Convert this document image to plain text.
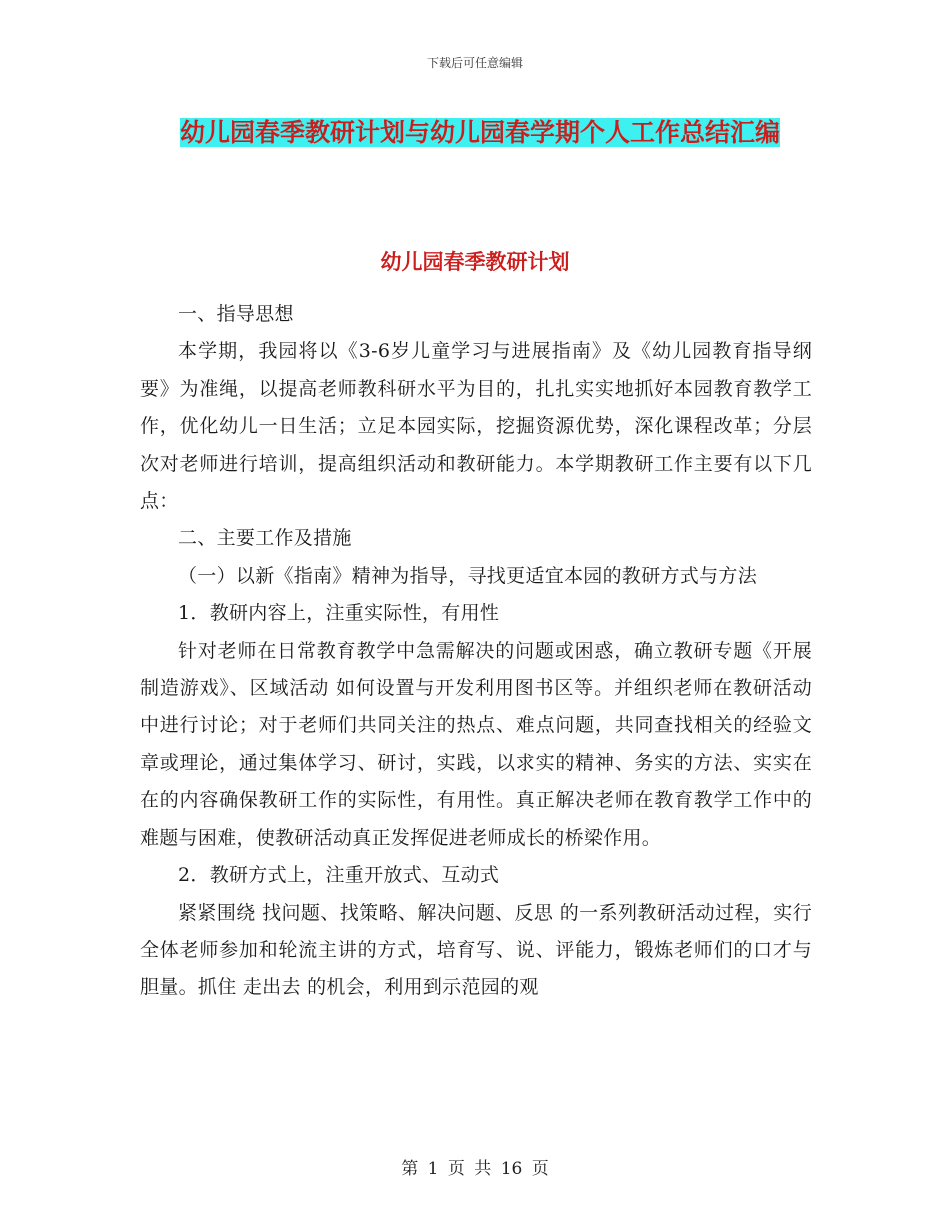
下载后可任意编辑
幼儿园春季教研计划与幼儿园春学期个人工作总结汇编
幼儿园春季教研计划

一、指导思想

本学期，我园将以《3-6岁儿童学习与进展指南》及《幼儿园教育指导纲要》为准绳，以提高老师教科研水平为目的，扎扎实实地抓好本园教育教学工作，优化幼儿一日生活；立足本园实际，挖掘资源优势，深化课程改革；分层次对老师进行培训，提高组织活动和教研能力。本学期教研工作主要有以下几点：

二、主要工作及措施

（一）以新《指南》精神为指导，寻找更适宜本园的教研方式与方法

1．教研内容上，注重实际性，有用性

针对老师在日常教育教学中急需解决的问题或困惑，确立教研专题《开展制造游戏》、区域活动 如何设置与开发利用图书区等。并组织老师在教研活动中进行讨论；对于老师们共同关注的热点、难点问题，共同查找相关的经验文章或理论，通过集体学习、研讨，实践，以求实的精神、务实的方法、实实在在的内容确保教研工作的实际性，有用性。真正解决老师在教育教学工作中的难题与困难，使教研活动真正发挥促进老师成长的桥梁作用。

2．教研方式上，注重开放式、互动式

紧紧围绕 找问题、找策略、解决问题、反思 的一系列教研活动过程，实行全体老师参加和轮流主讲的方式，培育写、说、评能力，锻炼老师们的口才与胆量。抓住 走出去 的机会，利用到示范园的观

第 1 页 共 16 页
